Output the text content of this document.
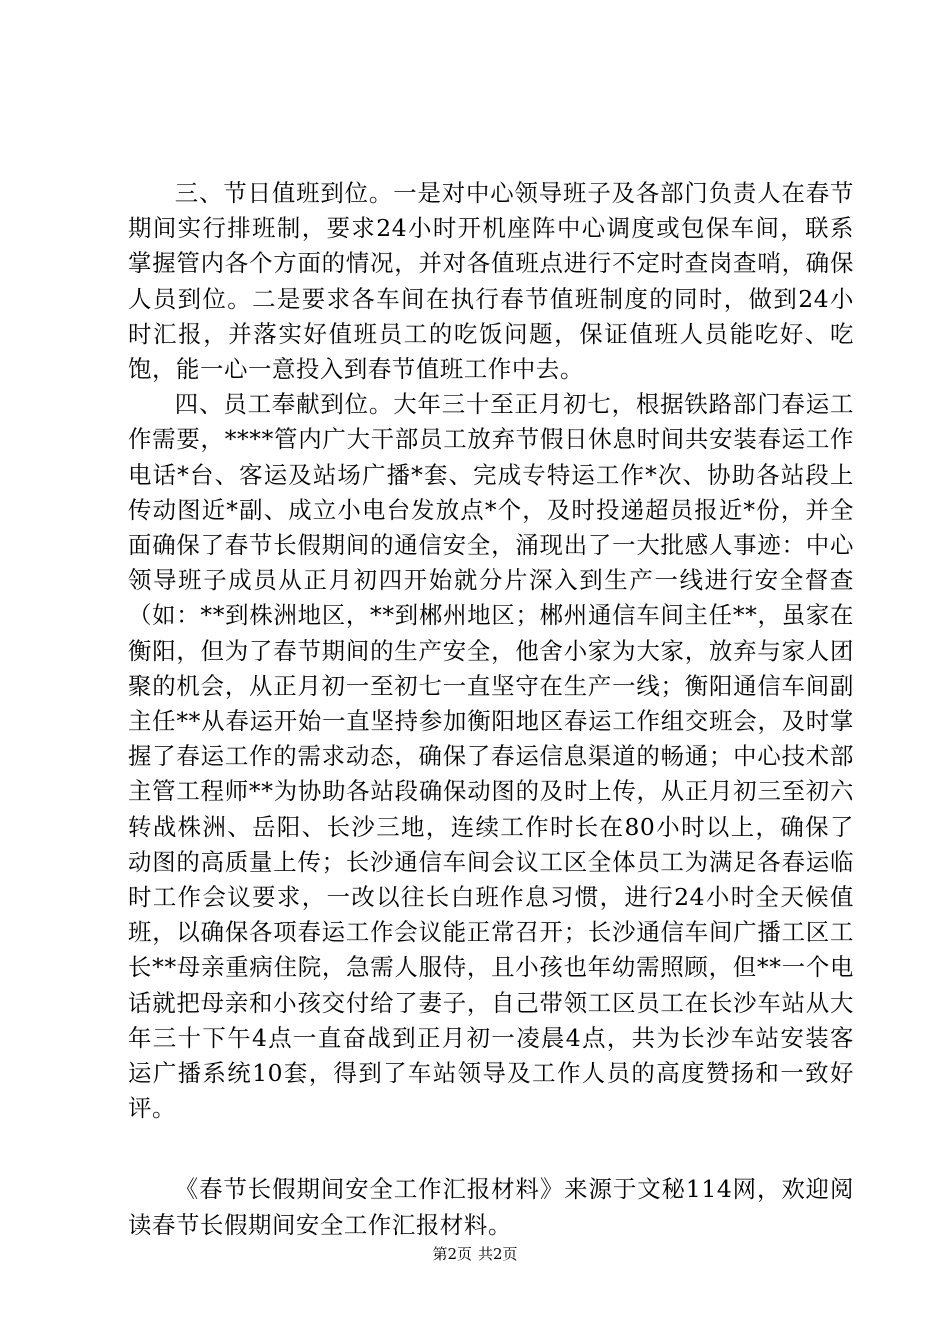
三、节日值班到位。一是对中心领导班子及各部门负责人在春节期间实行排班制，要求24小时开机座阵中心调度或包保车间，联系掌握管内各个方面的情况，并对各值班点进行不定时查岗查哨，确保人员到位。二是要求各车间在执行春节值班制度的同时，做到24小时汇报，并落实好值班员工的吃饭问题，保证值班人员能吃好、吃饱，能一心一意投入到春节值班工作中去。

四、员工奉献到位。大年三十至正月初七，根据铁路部门春运工作需要，****管内广大干部员工放弃节假日休息时间共安装春运工作电话*台、客运及站场广播*套、完成专特运工作*次、协助各站段上传动图近*副、成立小电台发放点*个，及时投递超员报近*份，并全面确保了春节长假期间的通信安全，涌现出了一大批感人事迹：中心领导班子成员从正月初四开始就分片深入到生产一线进行安全督查（如：**到株洲地区，**到郴州地区；郴州通信车间主任**，虽家在衡阳，但为了春节期间的生产安全，他舍小家为大家，放弃与家人团聚的机会，从正月初一至初七一直坚守在生产一线；衡阳通信车间副主任**从春运开始一直坚持参加衡阳地区春运工作组交班会，及时掌握了春运工作的需求动态，确保了春运信息渠道的畅通；中心技术部主管工程师**为协助各站段确保动图的及时上传，从正月初三至初六转战株洲、岳阳、长沙三地，连续工作时长在80小时以上，确保了动图的高质量上传；长沙通信车间会议工区全体员工为满足各春运临时工作会议要求，一改以往长白班作息习惯，进行24小时全天候值班，以确保各项春运工作会议能正常召开；长沙通信车间广播工区工长**母亲重病住院，急需人服侍，且小孩也年幼需照顾，但**一个电话就把母亲和小孩交付给了妻子，自己带领工区员工在长沙车站从大年三十下午4点一直奋战到正月初一凌晨4点，共为长沙车站安装客运广播系统10套，得到了车站领导及工作人员的高度赞扬和一致好评。

《春节长假期间安全工作汇报材料》来源于文秘114网，欢迎阅读春节长假期间安全工作汇报材料。

第2页 共2页
